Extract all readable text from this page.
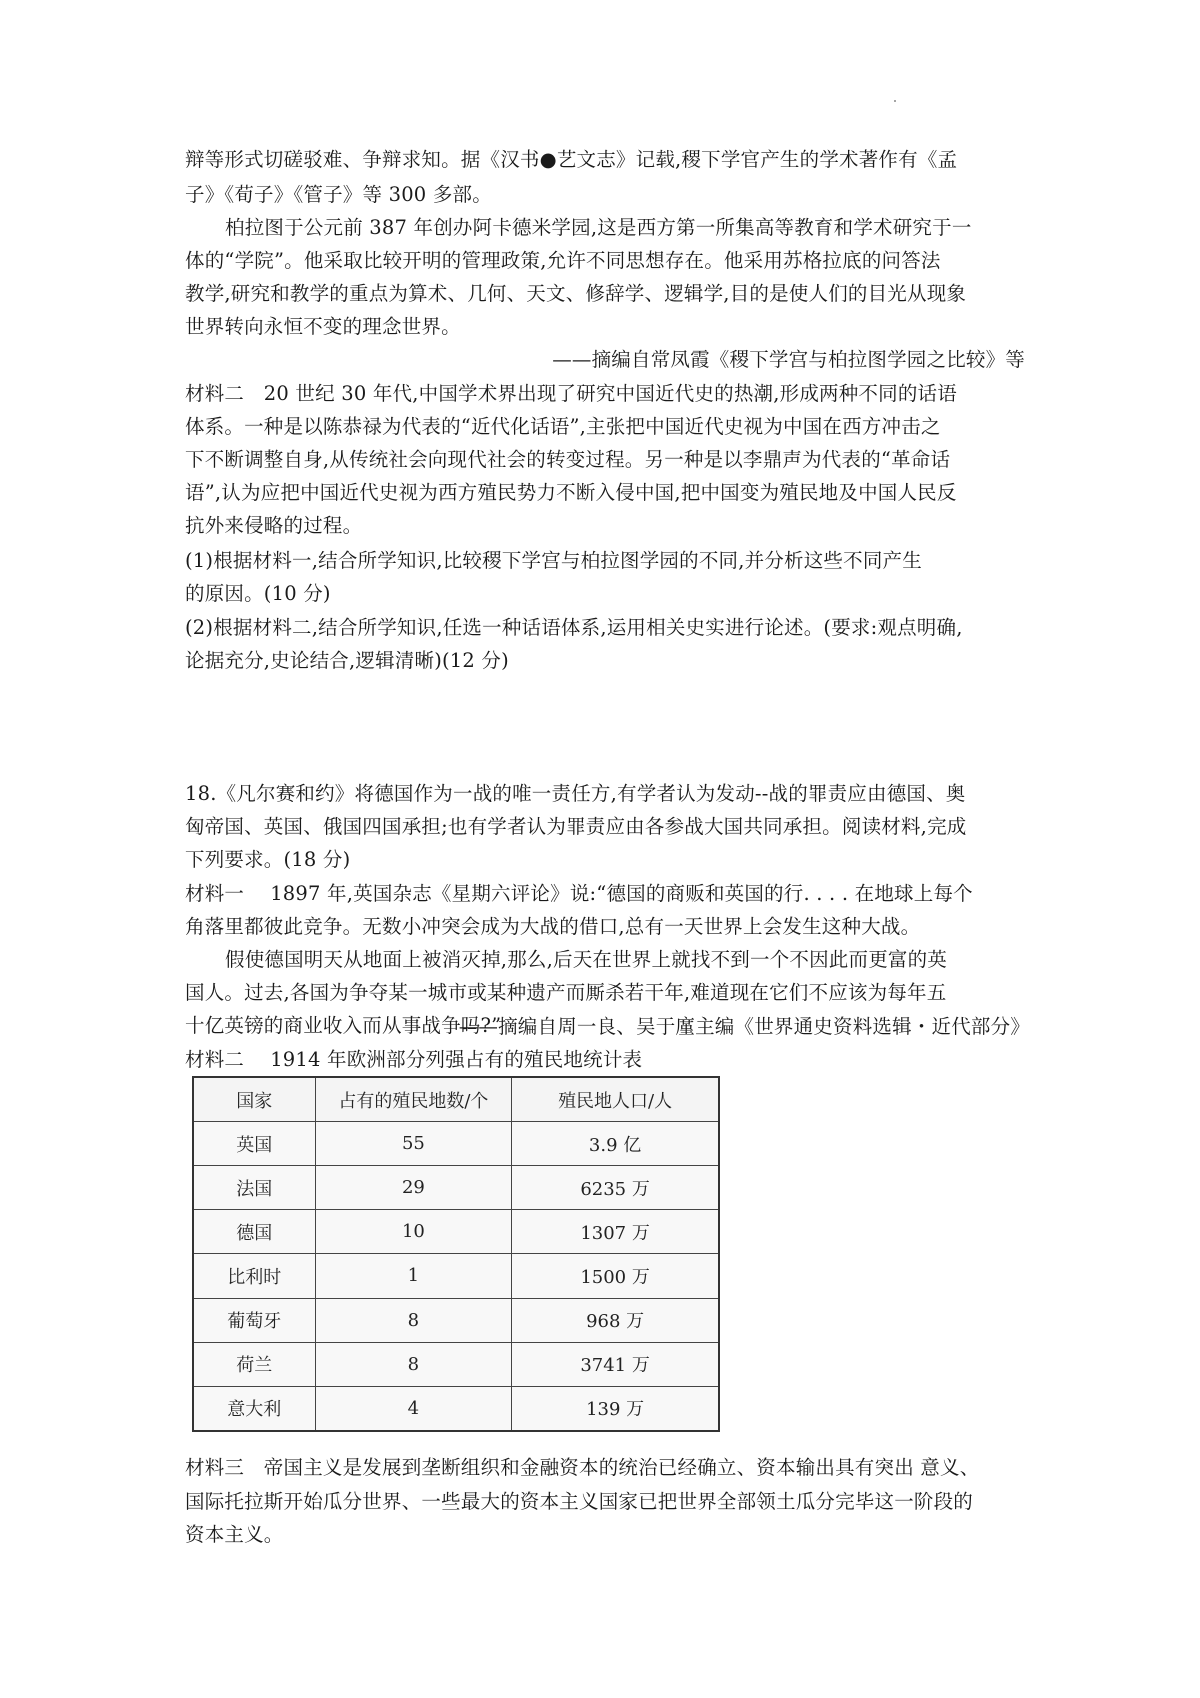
辩等形式切磋驳难、争辩求知。据《汉书●艺文志》记载,稷下学官产生的学术著作有《孟
子》《荀子》《管子》等 300 多部。
柏拉图于公元前 387 年创办阿卡德米学园,这是西方第一所集高等教育和学术研究于一
体的“学院”。他采取比较开明的管理政策,允许不同思想存在。他采用苏格拉底的问答法
教学,研究和教学的重点为算术、几何、天文、修辞学、逻辑学,目的是使人们的目光从现象
世界转向永恒不变的理念世界。
——摘编自常凤霞《稷下学宫与柏拉图学园之比较》等
材料二　20 世纪 30 年代,中国学术界出现了研究中国近代史的热潮,形成两种不同的话语
体系。一种是以陈恭禄为代表的“近代化话语”,主张把中国近代史视为中国在西方冲击之
下不断调整自身,从传统社会向现代社会的转变过程。另一种是以李鼎声为代表的“革命话
语”,认为应把中国近代史视为西方殖民势力不断入侵中国,把中国变为殖民地及中国人民反
抗外来侵略的过程。
(1)根据材料一,结合所学知识,比较稷下学宫与柏拉图学园的不同,并分析这些不同产生
的原因。(10 分)
(2)根据材料二,结合所学知识,任选一种话语体系,运用相关史实进行论述。(要求:观点明确,
论据充分,史论结合,逻辑清晰)(12 分)
18.《凡尔赛和约》将德国作为一战的唯一责任方,有学者认为发动--战的罪责应由德国、奥
匈帝国、英国、俄国四国承担;也有学者认为罪责应由各参战大国共同承担。阅读材料,完成
下列要求。(18 分)
材料一　 1897 年,英国杂志《星期六评论》说:“德国的商贩和英国的行. . . . 在地球上每个
角落里都彼此竞争。无数小冲突会成为大战的借口,总有一天世界上会发生这种大战。
假使德国明天从地面上被消灭掉,那么,后天在世界上就找不到一个不因此而更富的英
国人。过去,各国为争夺某一城市或某种遗产而厮杀若干年,难道现在它们不应该为每年五
十亿英镑的商业收入而从事战争吗?”
——摘编自周一良、吴于廑主编《世界通史资料选辑・近代部分》
材料二　 1914 年欧洲部分列强占有的殖民地统计表
国家	占有的殖民地数/个	殖民地人口/人
英国	55	3.9 亿
法国	29	6235 万
德国	10	1307 万
比利时	1	1500 万
葡萄牙	8	968 万
荷兰	8	3741 万
意大利	4	139 万
材料三　帝国主义是发展到垄断组织和金融资本的统治已经确立、资本输出具有突出 意义、
国际托拉斯开始瓜分世界、一些最大的资本主义国家已把世界全部领土瓜分完毕这一阶段的
资本主义。
